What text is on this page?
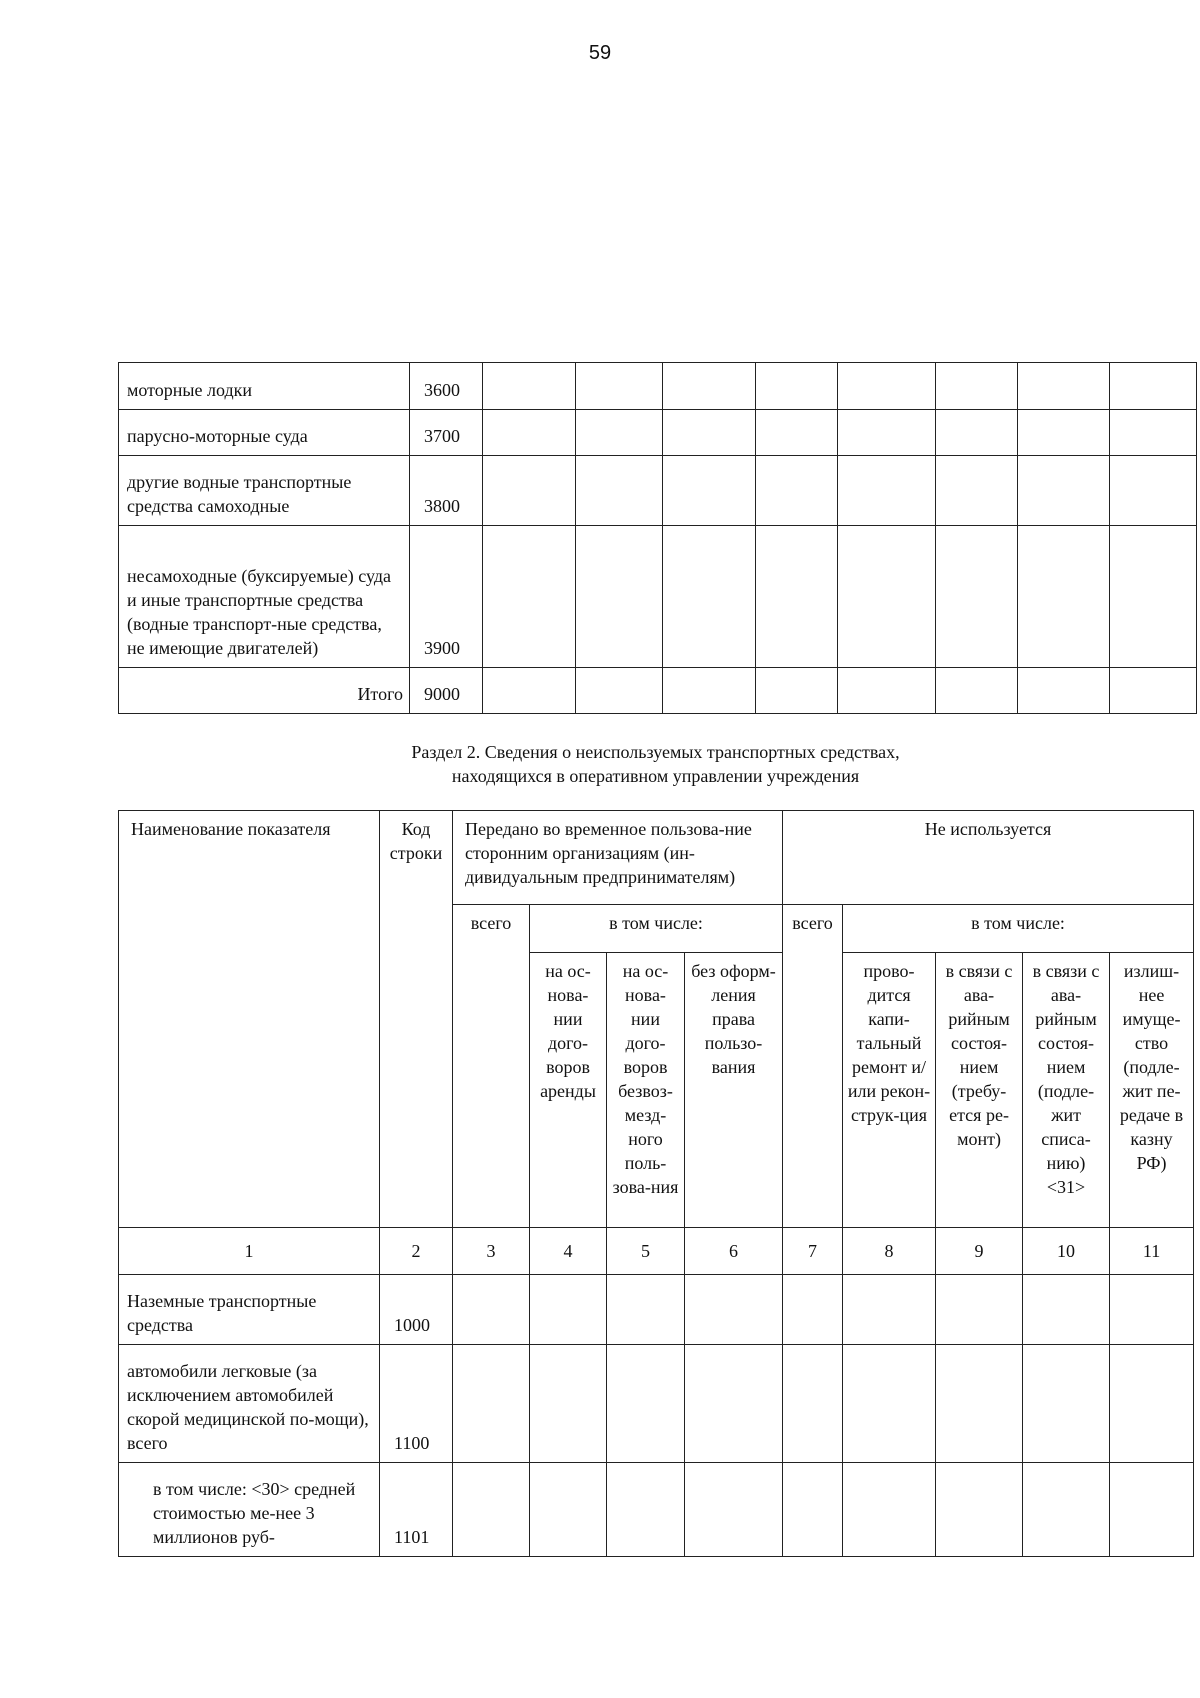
59
моторные лодки	3600								
парусно-моторные суда	3700								
другие водные транспортные средства самоходные	3800								
несамоходные (буксируемые) суда и иные транспортные средства (водные транспорт-ные средства, не имеющие двигателей)	3900								
Итого	9000								
Раздел 2. Сведения о неиспользуемых транспортных средствах,
находящихся в оперативном управлении учреждения
Наименование показателя	Код строки	Передано во временное пользова-ние сторонним организациям (ин-дивидуальным предпринимателям)				Не используется				
		всего	в том числе:			всего	в том числе:			
			на ос-нова-нии дого-воров аренды	на ос-нова-нии дого-воров безвоз-мезд-ного поль-зова-ния	без оформ-ления права пользо-вания		прово-дится капи-тальный ремонт и/или рекон-струк-ция	в связи с ава-рийным состоя-нием (требу-ется ре-монт)	в связи с ава-рийным состоя-нием (подле-жит списа-нию) <31>	излиш-нее имуще-ство (подле-жит пе-редаче в казну РФ)
1	2	3	4	5	6	7	8	9	10	11
Наземные транспортные средства	1000									
автомобили легковые (за исключением автомобилей скорой медицинской по-мощи), всего	1100									
в том числе: <30> средней стоимостью ме-нее 3 миллионов руб-	1101									
